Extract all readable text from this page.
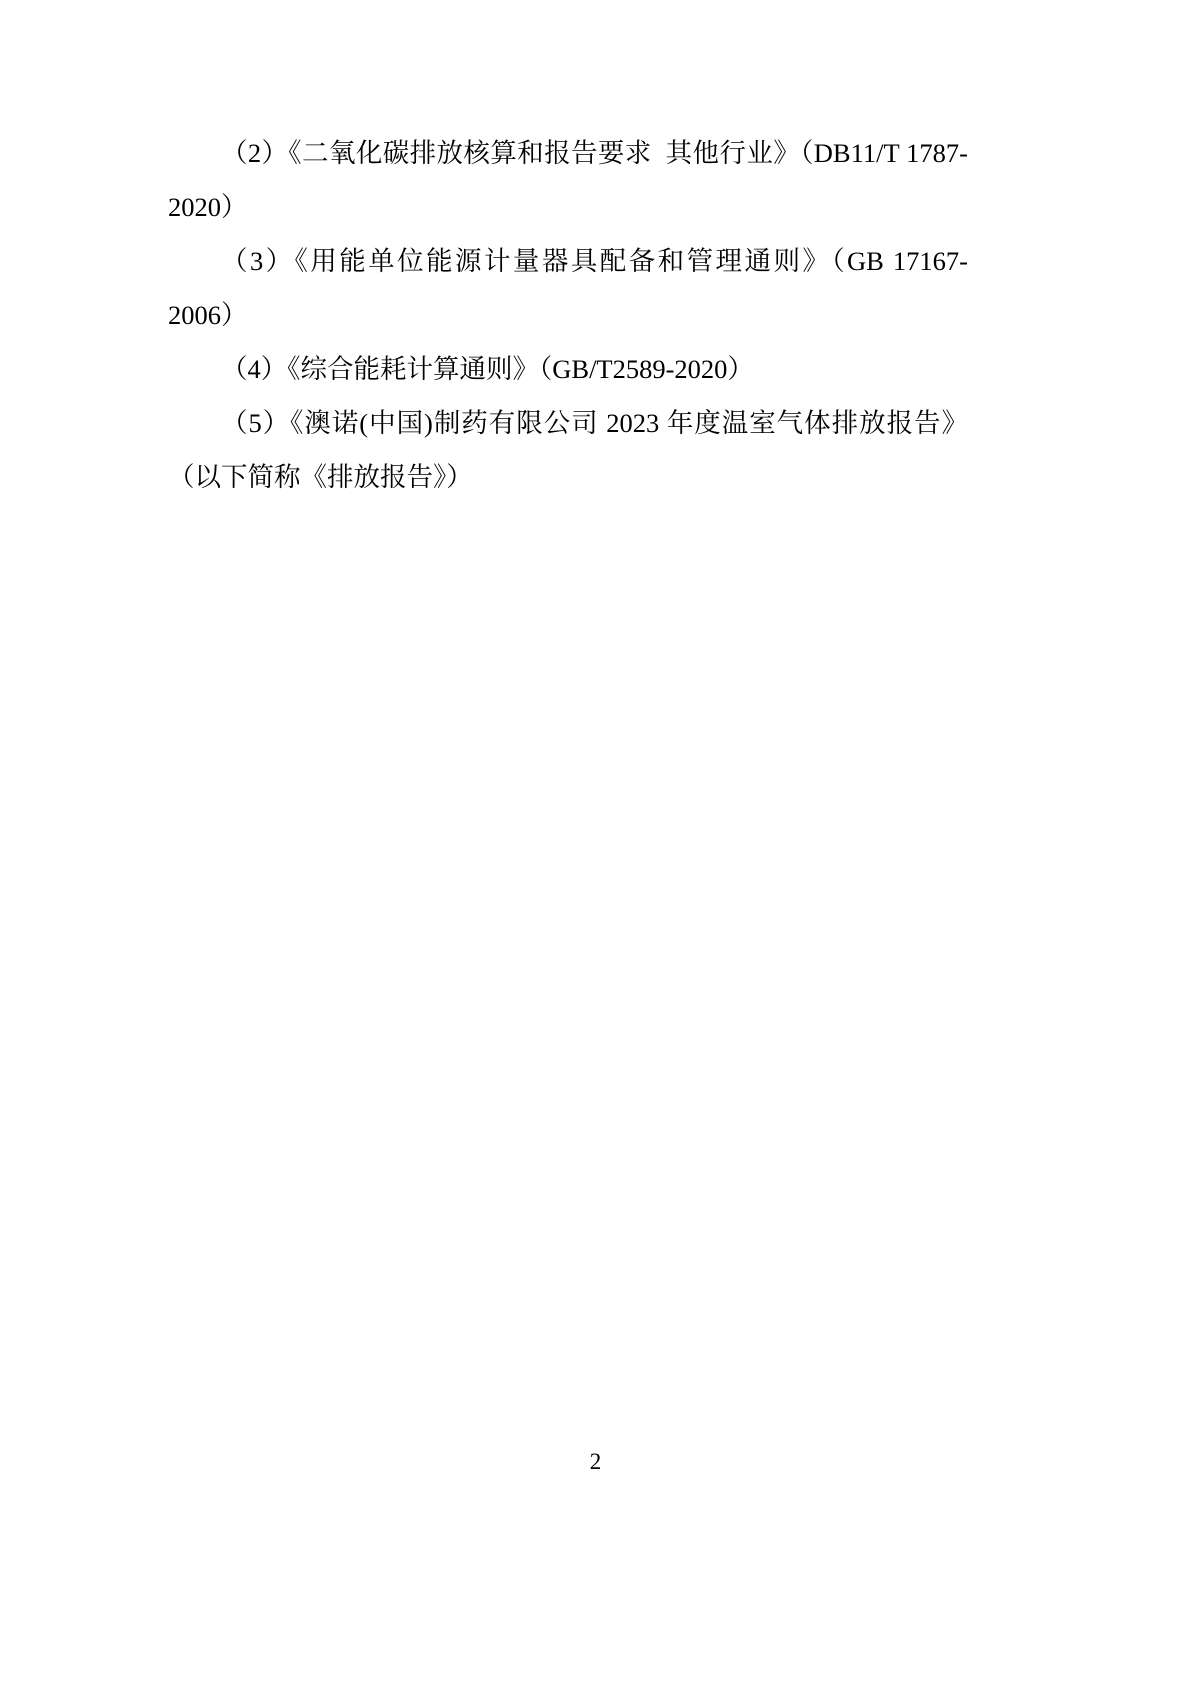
（2）《二氧化碳排放核算和报告要求  其他行业》（DB11/T 1787-2020）

（3）《用能单位能源计量器具配备和管理通则》（GB 17167-2006）

（4）《综合能耗计算通则》（GB/T2589-2020）

（5）《澳诺(中国)制药有限公司 2023 年度温室气体排放报告》（以下简称《排放报告》）

2
